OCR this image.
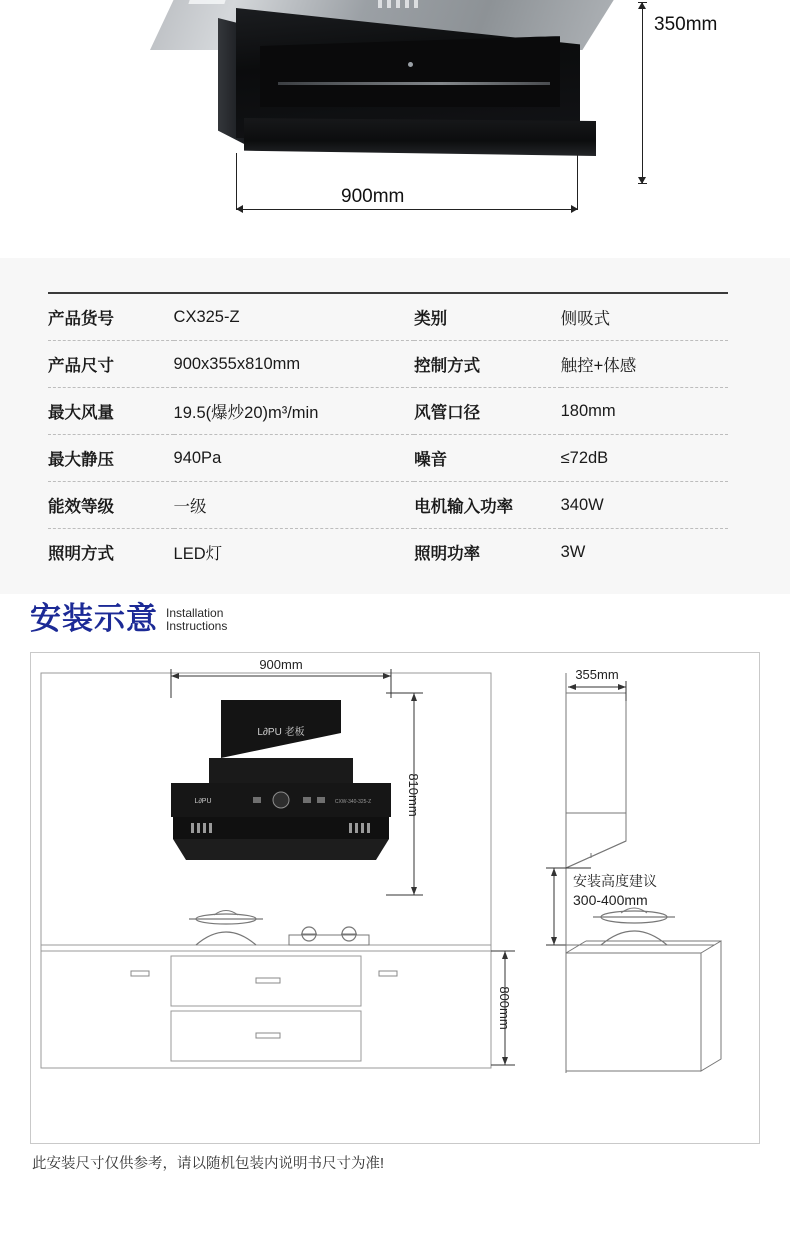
350mm
900mm
产品货号	CX325-Z	类别	侧吸式
产品尺寸	900x355x810mm	控制方式	触控+体感
最大风量	19.5(爆炒20)m³/min	风管口径	180mm
最大静压	940Pa	噪音	≤72dB
能效等级	一级	电机输入功率	340W
照明方式	LED灯	照明功率	3W
安装示意 Installation
Instructions
L∂PU 老板
CXW-340-325-Z
L∂PU
900mm
810mm
800mm
355mm
安装高度建议
300-400mm
此安装尺寸仅供参考，请以随机包装内说明书尺寸为准!
